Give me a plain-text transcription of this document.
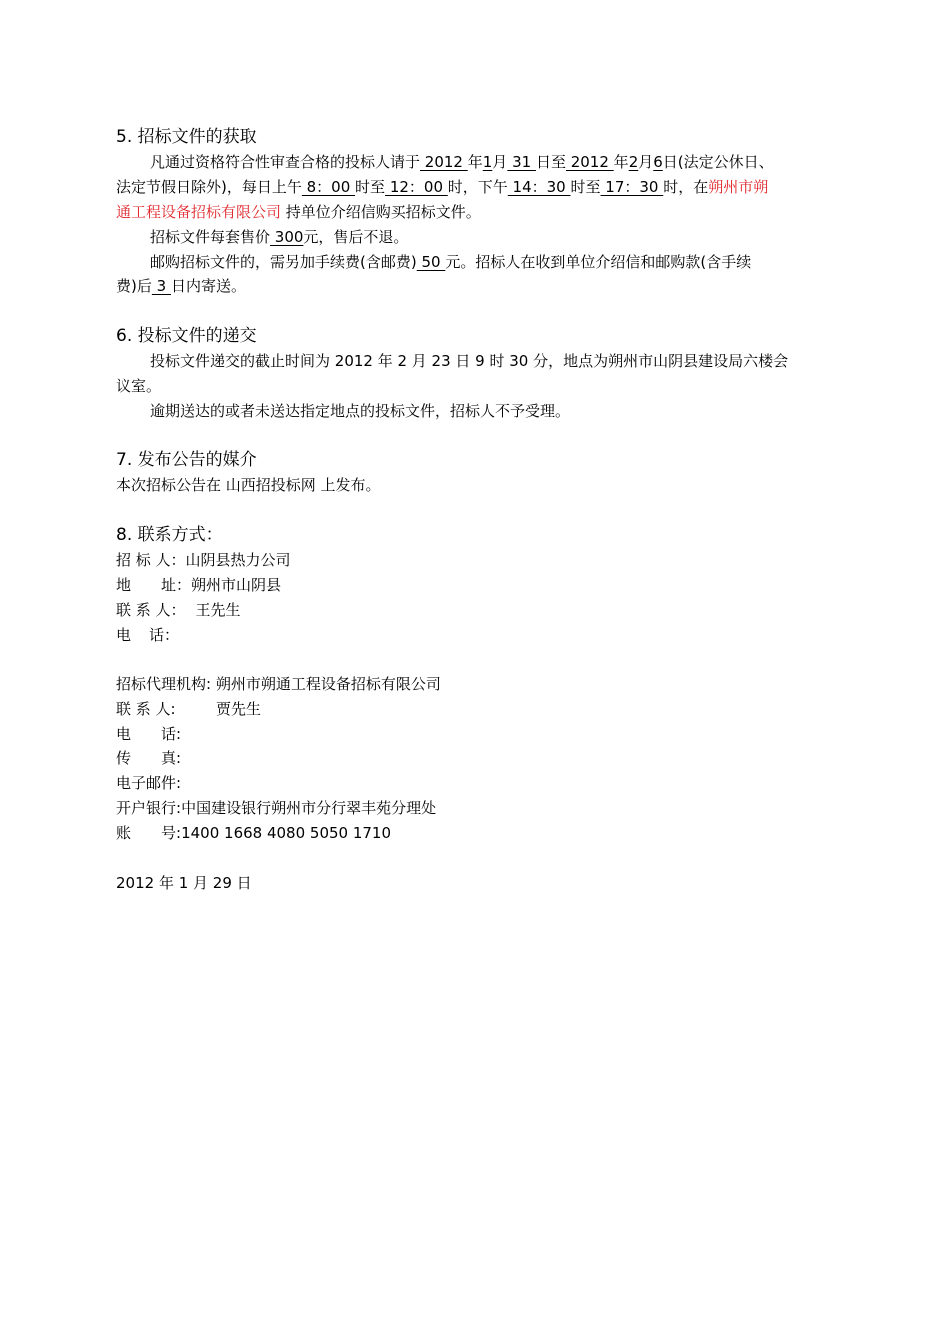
5. 招标文件的获取
凡通过资格符合性审查合格的投标人请于 2012 年1月 31 日至 2012 年2月6日(法定公休日、
法定节假日除外)，每日上午 8：00 时至 12：00 时，下午 14：30 时至 17：30 时，在朔州市朔
通工程设备招标有限公司 持单位介绍信购买招标文件。
招标文件每套售价 300元，售后不退。
邮购招标文件的，需另加手续费(含邮费) 50 元。招标人在收到单位介绍信和邮购款(含手续
费)后 3 日内寄送。
6. 投标文件的递交
投标文件递交的截止时间为 2012 年 2 月 23 日 9 时 30 分，地点为朔州市山阴县建设局六楼会
议室。
逾期送达的或者未送达指定地点的投标文件，招标人不予受理。
7. 发布公告的媒介
本次招标公告在 山西招投标网 上发布。
8. 联系方式：
招 标 人：山阴县热力公司
地 址：朔州市山阴县
联 系 人： 王先生
电 话：
招标代理机构: 朔州市朔通工程设备招标有限公司
联 系 人:	贾先生
电 话:
传 真:
电子邮件:
开户银行:中国建设银行朔州市分行翠丰苑分理处
账 号:1400 1668 4080 5050 1710
2012 年 1 月 29 日
